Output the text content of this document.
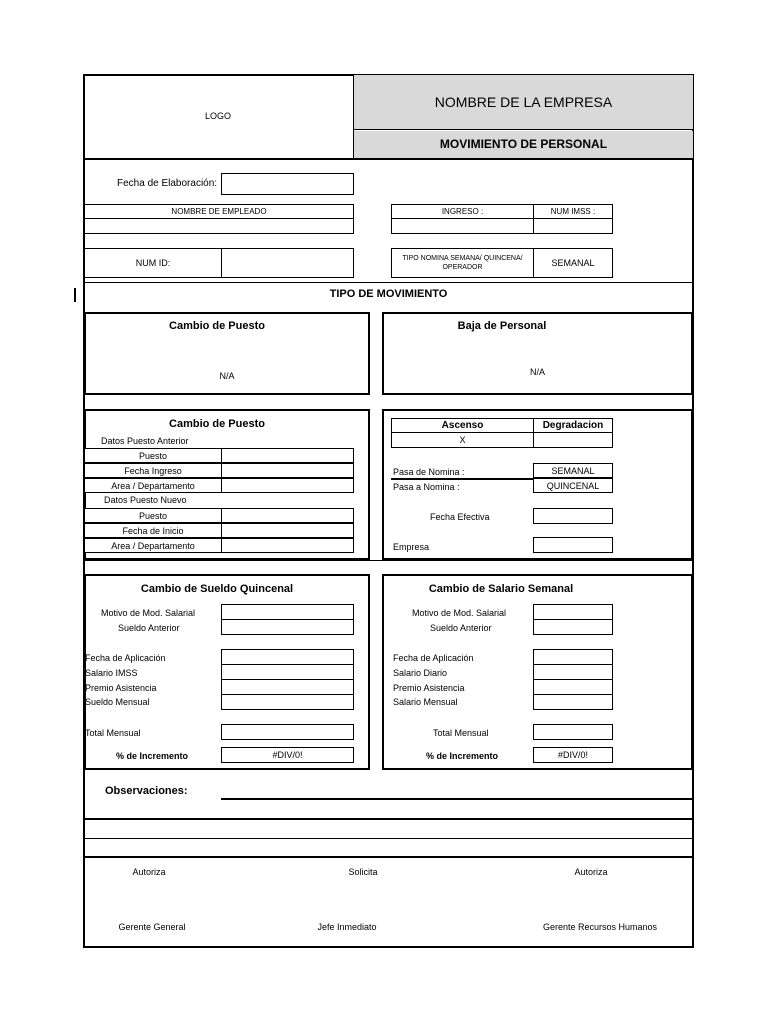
LOGO
NOMBRE DE LA EMPRESA
MOVIMIENTO DE PERSONAL
Fecha de Elaboración:
NOMBRE DE EMPLEADO	INGRESO :	NUM IMSS :
NUM ID:	TIPO NOMINA SEMANA/ QUINCENA/ OPERADOR	SEMANAL
TIPO DE MOVIMIENTO
Cambio de Puesto
N/A
Baja de Personal
N/A
Cambio de Puesto
Datos Puesto Anterior
Puesto
Fecha Ingreso
Area / Departamento
Datos Puesto Nuevo
Puesto
Fecha de Inicio
Area / Departamento
Ascenso	Degradacion
X
Pasa de Nomina :	SEMANAL
Pasa a Nomina :	QUINCENAL
Fecha Efectiva
Empresa
Cambio de Sueldo Quincenal
Motivo de Mod. Salarial
Sueldo Anterior
Fecha de Aplicación
Salario IMSS
Premio Asistencia
Sueldo Mensual
Total Mensual
% de Incremento	#DIV/0!
Cambio de Salario Semanal
Motivo de Mod. Salarial
Sueldo Anterior
Fecha de Aplicación
Salario Diario
Premio Asistencia
Salario Mensual
Total Mensual
% de Incremento	#DIV/0!
Observaciones:
Autoriza	Solicita	Autoriza
Gerente General	Jefe Inmediato	Gerente Recursos Humanos
